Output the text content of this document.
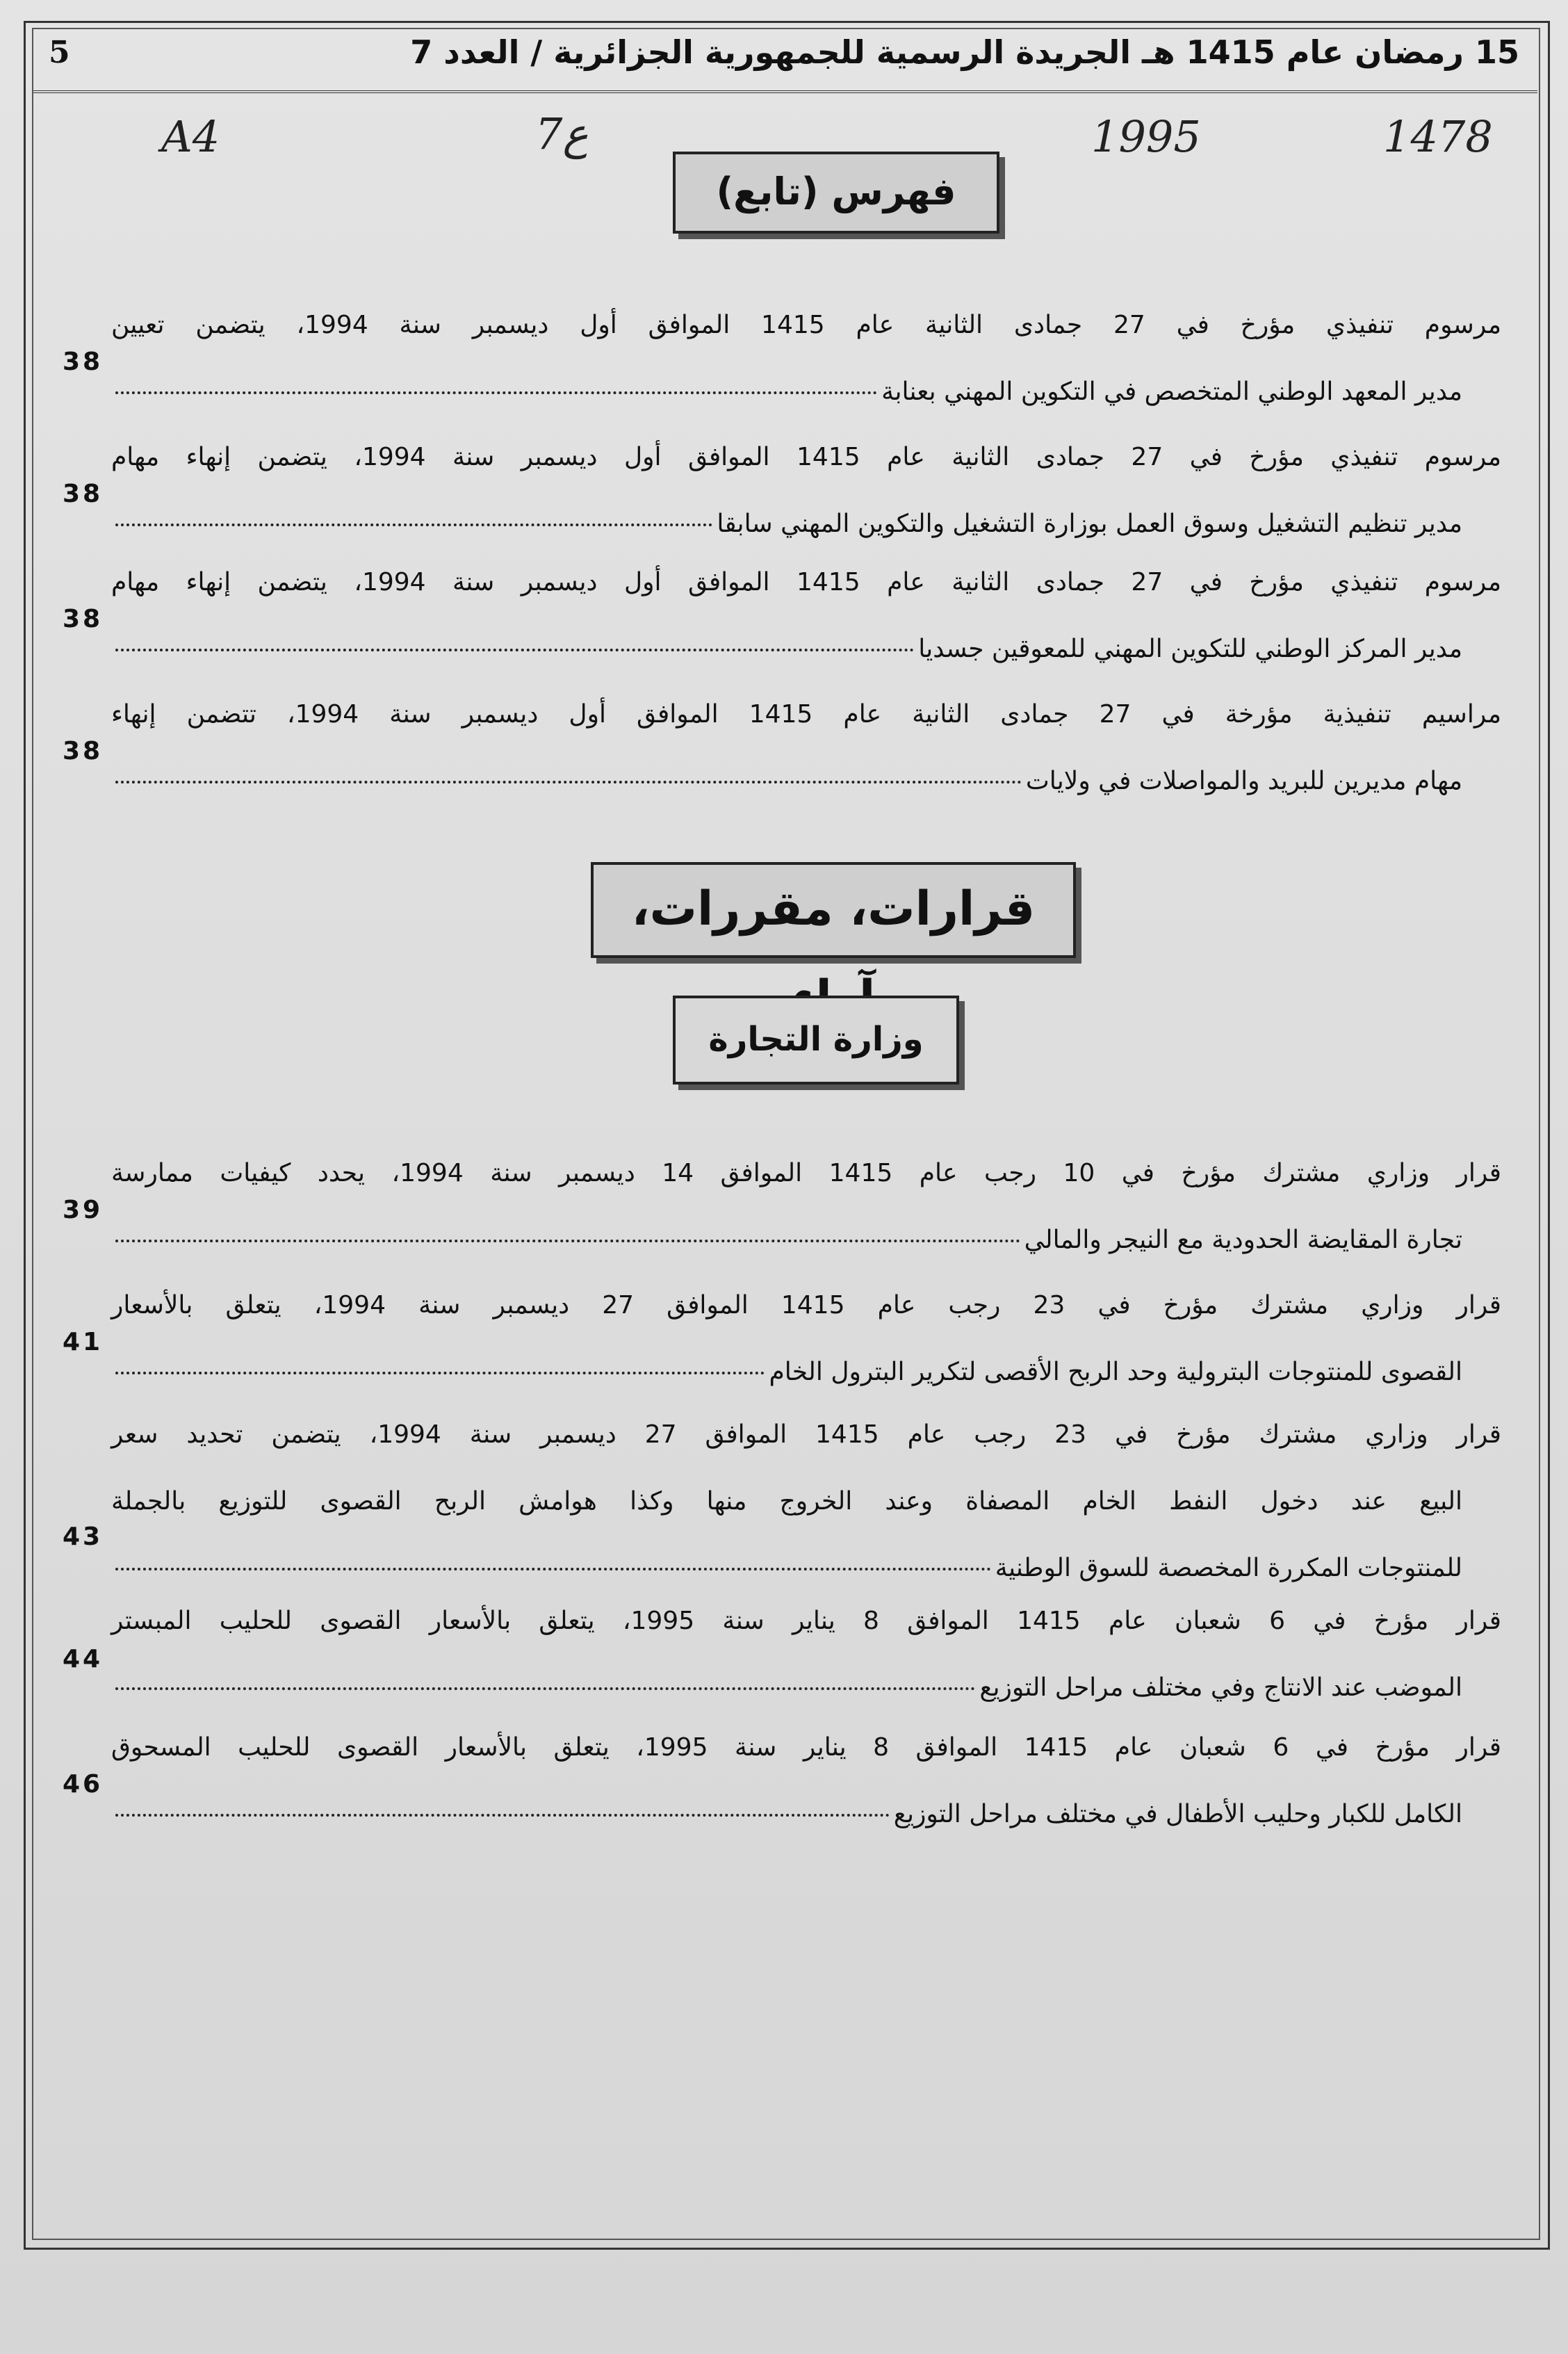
5	15 رمضان عام 1415 هـ الجريدة الرسمية للجمهورية الجزائرية / العدد 7
1478
1995
7ع
A4
فهرس (تابع)
مرسوم تنفيذي مؤرخ في 27 جمادى الثانية عام 1415 الموافق أول ديسمبر سنة 1994، يتضمن تعيين
مدير المعهد الوطني المتخصص في التكوين المهني بعنابة
38
مرسوم تنفيذي مؤرخ في 27 جمادى الثانية عام 1415 الموافق أول ديسمبر سنة 1994، يتضمن إنهاء مهام
مدير تنظيم التشغيل وسوق العمل بوزارة التشغيل والتكوين المهني سابقا
38
مرسوم تنفيذي مؤرخ في 27 جمادى الثانية عام 1415 الموافق أول ديسمبر سنة 1994، يتضمن إنهاء مهام
مدير المركز الوطني للتكوين المهني للمعوقين جسديا
38
مراسيم تنفيذية مؤرخة في 27 جمادى الثانية عام 1415 الموافق أول ديسمبر سنة 1994، تتضمن إنهاء
مهام مديرين للبريد والمواصلات في ولايات
38
قرارات، مقررات،
وزارة التجارة
قرار وزاري مشترك مؤرخ في 10 رجب عام 1415 الموافق 14 ديسمبر سنة 1994، يحدد كيفيات ممارسة
تجارة المقايضة الحدودية مع النيجر والمالي
39
قرار وزاري مشترك مؤرخ في 23 رجب عام 1415 الموافق 27 ديسمبر سنة 1994، يتعلق بالأسعار
القصوى للمنتوجات البترولية وحد الربح الأقصى لتكرير البترول الخام
41
قرار وزاري مشترك مؤرخ في 23 رجب عام 1415 الموافق 27 ديسمبر سنة 1994، يتضمن تحديد سعر
البيع عند دخول النفط الخام المصفاة وعند الخروج منها وكذا هوامش الربح القصوى للتوزيع بالجملة
للمنتوجات المكررة المخصصة للسوق الوطنية
43
قرار مؤرخ في 6 شعبان عام 1415 الموافق 8 يناير سنة 1995، يتعلق بالأسعار القصوى للحليب المبستر
الموضب عند الانتاج وفي مختلف مراحل التوزيع
44
قرار مؤرخ في 6 شعبان عام 1415 الموافق 8 يناير سنة 1995، يتعلق بالأسعار القصوى للحليب المسحوق
الكامل للكبار وحليب الأطفال في مختلف مراحل التوزيع
46
